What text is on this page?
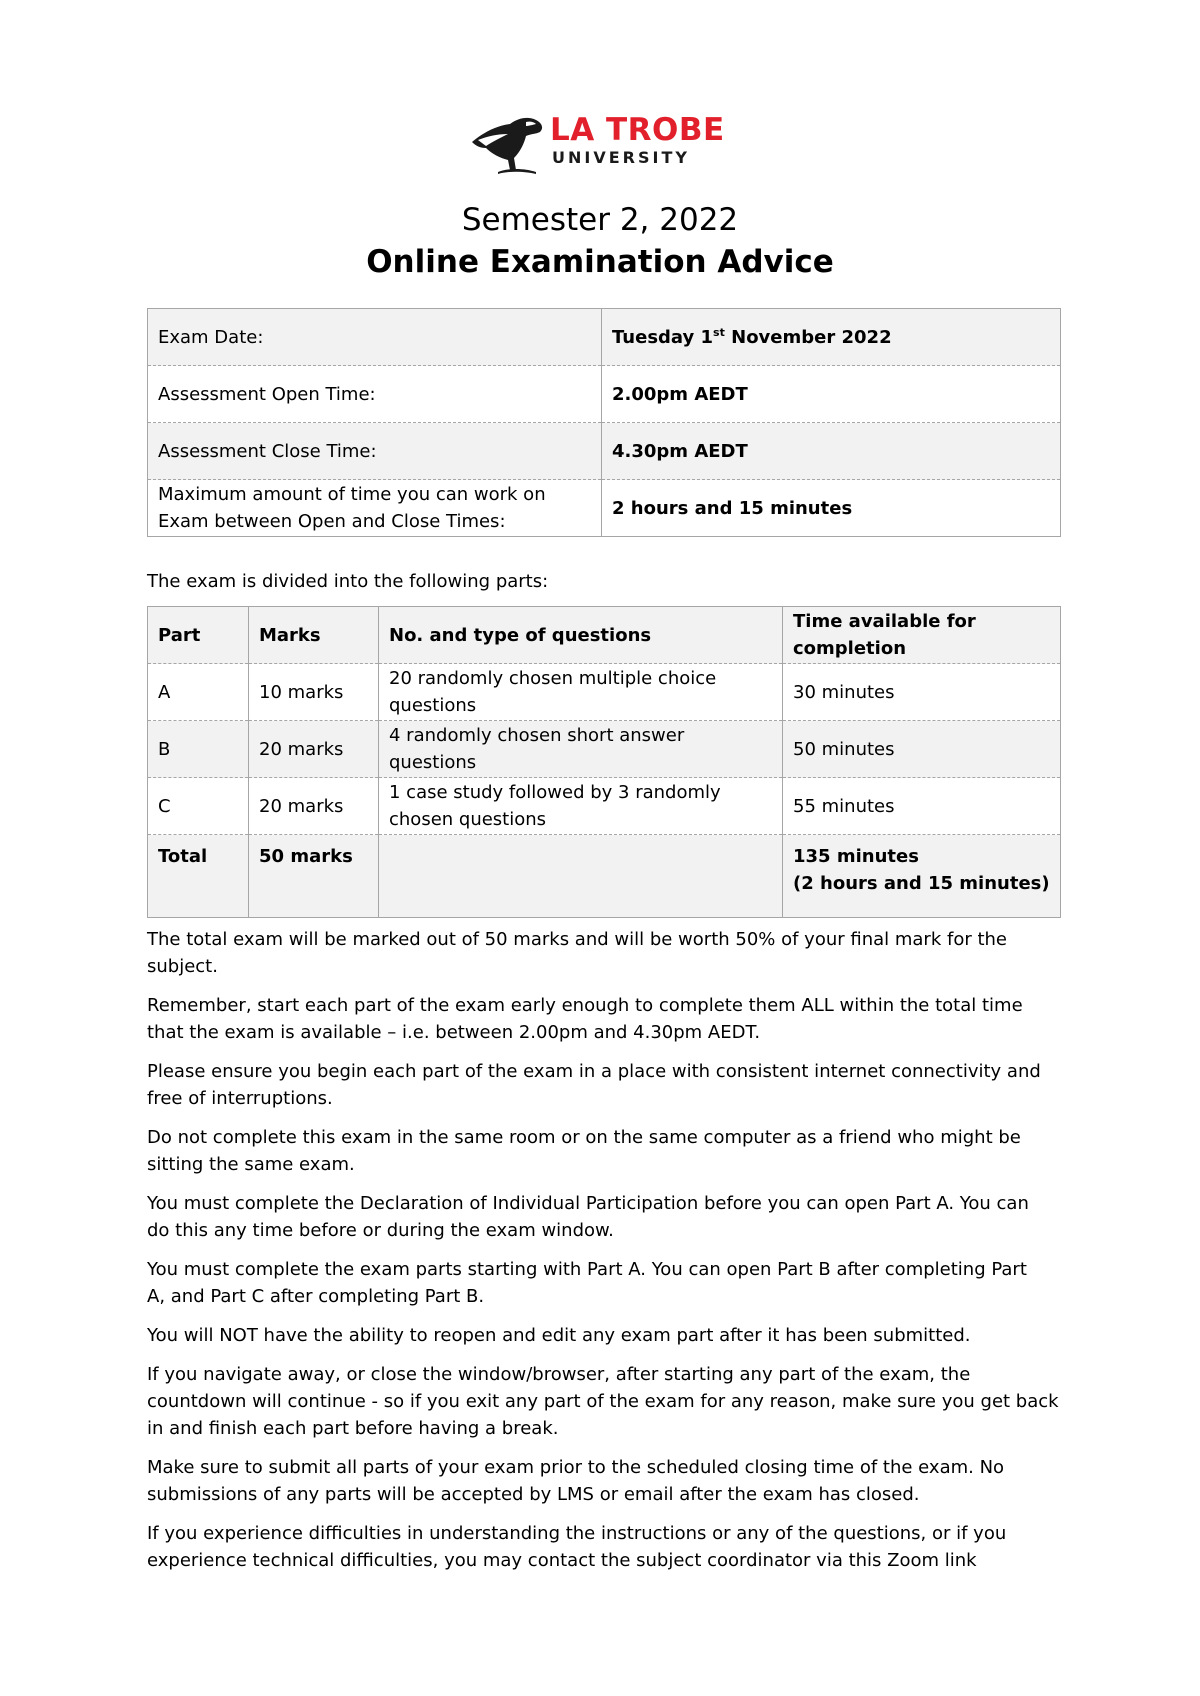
LA TROBE
UNIVERSITY
Semester 2, 2022
Online Examination Advice
Exam Date:	Tuesday 1st November 2022
Assessment Open Time:	2.00pm AEDT
Assessment Close Time:	4.30pm AEDT
Maximum amount of time you can work on
Exam between Open and Close Times:	2 hours and 15 minutes
The exam is divided into the following parts:
Part	Marks	No. and type of questions	Time available for
completion
A	10 marks	20 randomly chosen multiple choice
questions	30 minutes
B	20 marks	4 randomly chosen short answer
questions	50 minutes
C	20 marks	1 case study followed by 3 randomly
chosen questions	55 minutes
Total	50 marks		135 minutes
(2 hours and 15 minutes)

The total exam will be marked out of 50 marks and will be worth 50% of your final mark for the
subject.

Remember, start each part of the exam early enough to complete them ALL within the total time
that the exam is available – i.e. between 2.00pm and 4.30pm AEDT.

Please ensure you begin each part of the exam in a place with consistent internet connectivity and
free of interruptions.

Do not complete this exam in the same room or on the same computer as a friend who might be
sitting the same exam.

You must complete the Declaration of Individual Participation before you can open Part A. You can
do this any time before or during the exam window.

You must complete the exam parts starting with Part A. You can open Part B after completing Part
A, and Part C after completing Part B.

You will NOT have the ability to reopen and edit any exam part after it has been submitted.

If you navigate away, or close the window/browser, after starting any part of the exam, the
countdown will continue - so if you exit any part of the exam for any reason, make sure you get back
in and finish each part before having a break.

Make sure to submit all parts of your exam prior to the scheduled closing time of the exam. No
submissions of any parts will be accepted by LMS or email after the exam has closed.

If you experience difficulties in understanding the instructions or any of the questions, or if you
experience technical difficulties, you may contact the subject coordinator via this Zoom link
